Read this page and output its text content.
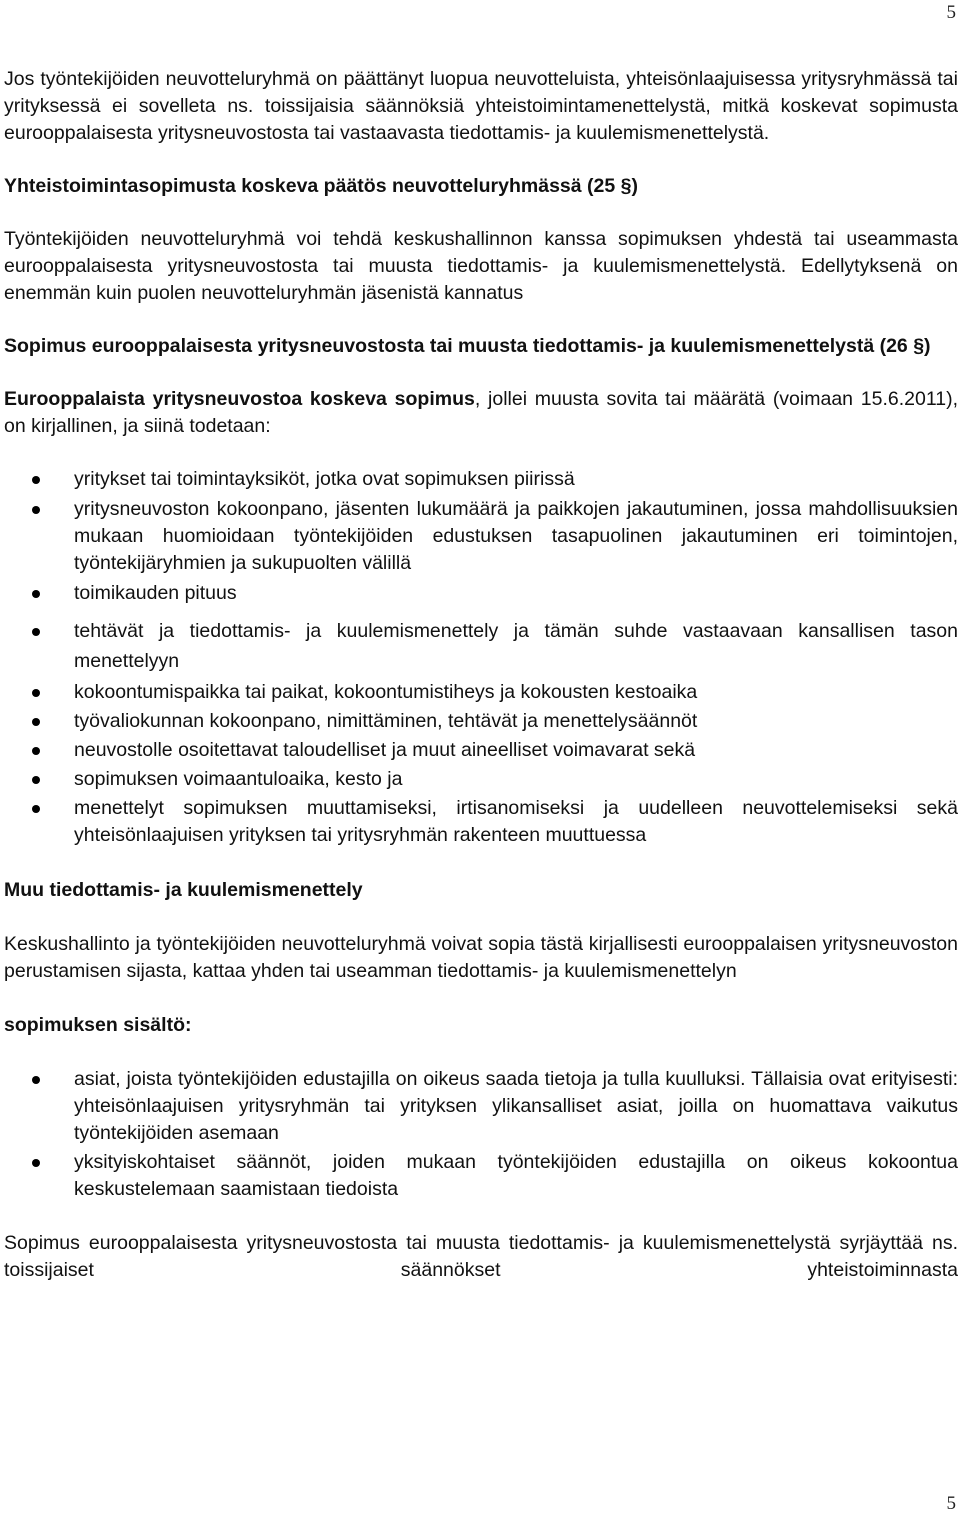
5

Jos työntekijöiden neuvotteluryhmä on päättänyt luopua neuvotteluista, yhteisönlaajuisessa yritysryhmässä tai yrityksessä ei sovelleta ns. toissijaisia säännöksiä yhteistoimintamenettelystä, mitkä koskevat sopimusta eurooppalaisesta yritysneuvostosta tai vastaavasta tiedottamis- ja kuulemismenettelystä.

Yhteistoimintasopimusta koskeva päätös neuvotteluryhmässä (25 §)

Työntekijöiden neuvotteluryhmä voi tehdä keskushallinnon kanssa sopimuksen yhdestä tai useammasta eurooppalaisesta yritysneuvostosta tai muusta tiedottamis- ja kuulemismenettelystä. Edellytyksenä on enemmän kuin puolen neuvotteluryhmän jäsenistä kannatus

Sopimus eurooppalaisesta yritysneuvostosta tai muusta tiedottamis- ja kuulemismenettelystä (26 §)

Eurooppalaista yritysneuvostoa koskeva sopimus, jollei muusta sovita tai määrätä (voimaan 15.6.2011), on kirjallinen, ja siinä todetaan:

yritykset tai toimintayksiköt, jotka ovat sopimuksen piirissä
yritysneuvoston kokoonpano, jäsenten lukumäärä ja paikkojen jakautuminen, jossa mahdollisuuksien mukaan huomioidaan työntekijöiden edustuksen tasapuolinen jakautuminen eri toimintojen, työntekijäryhmien ja sukupuolten välillä
toimikauden pituus
tehtävät ja tiedottamis- ja kuulemismenettely ja tämän suhde vastaavaan kansallisen tason menettelyyn
kokoontumispaikka tai paikat, kokoontumistiheys ja kokousten kestoaika
työvaliokunnan kokoonpano, nimittäminen, tehtävät ja menettelysäännöt
neuvostolle osoitettavat taloudelliset ja muut aineelliset voimavarat sekä
sopimuksen voimaantuloaika, kesto ja
menettelyt sopimuksen muuttamiseksi, irtisanomiseksi ja uudelleen neuvottelemiseksi sekä yhteisönlaajuisen yrityksen tai yritysryhmän rakenteen muuttuessa
Muu tiedottamis- ja kuulemismenettely

Keskushallinto ja työntekijöiden neuvotteluryhmä voivat sopia tästä kirjallisesti eurooppalaisen yritysneuvoston perustamisen sijasta, kattaa yhden tai useamman tiedottamis- ja kuulemismenettelyn

sopimuksen sisältö:
asiat, joista työntekijöiden edustajilla on oikeus saada tietoja ja tulla kuulluksi. Tällaisia ovat erityisesti: yhteisönlaajuisen yritysryhmän tai yrityksen ylikansalliset asiat, joilla on huomattava vaikutus työntekijöiden asemaan
yksityiskohtaiset säännöt, joiden mukaan työntekijöiden edustajilla on oikeus kokoontua keskustelemaan saamistaan tiedoista

Sopimus eurooppalaisesta yritysneuvostosta tai muusta tiedottamis- ja kuulemismenettelystä syrjäyttää ns. toissijaiset säännökset yhteistoiminnasta

5
